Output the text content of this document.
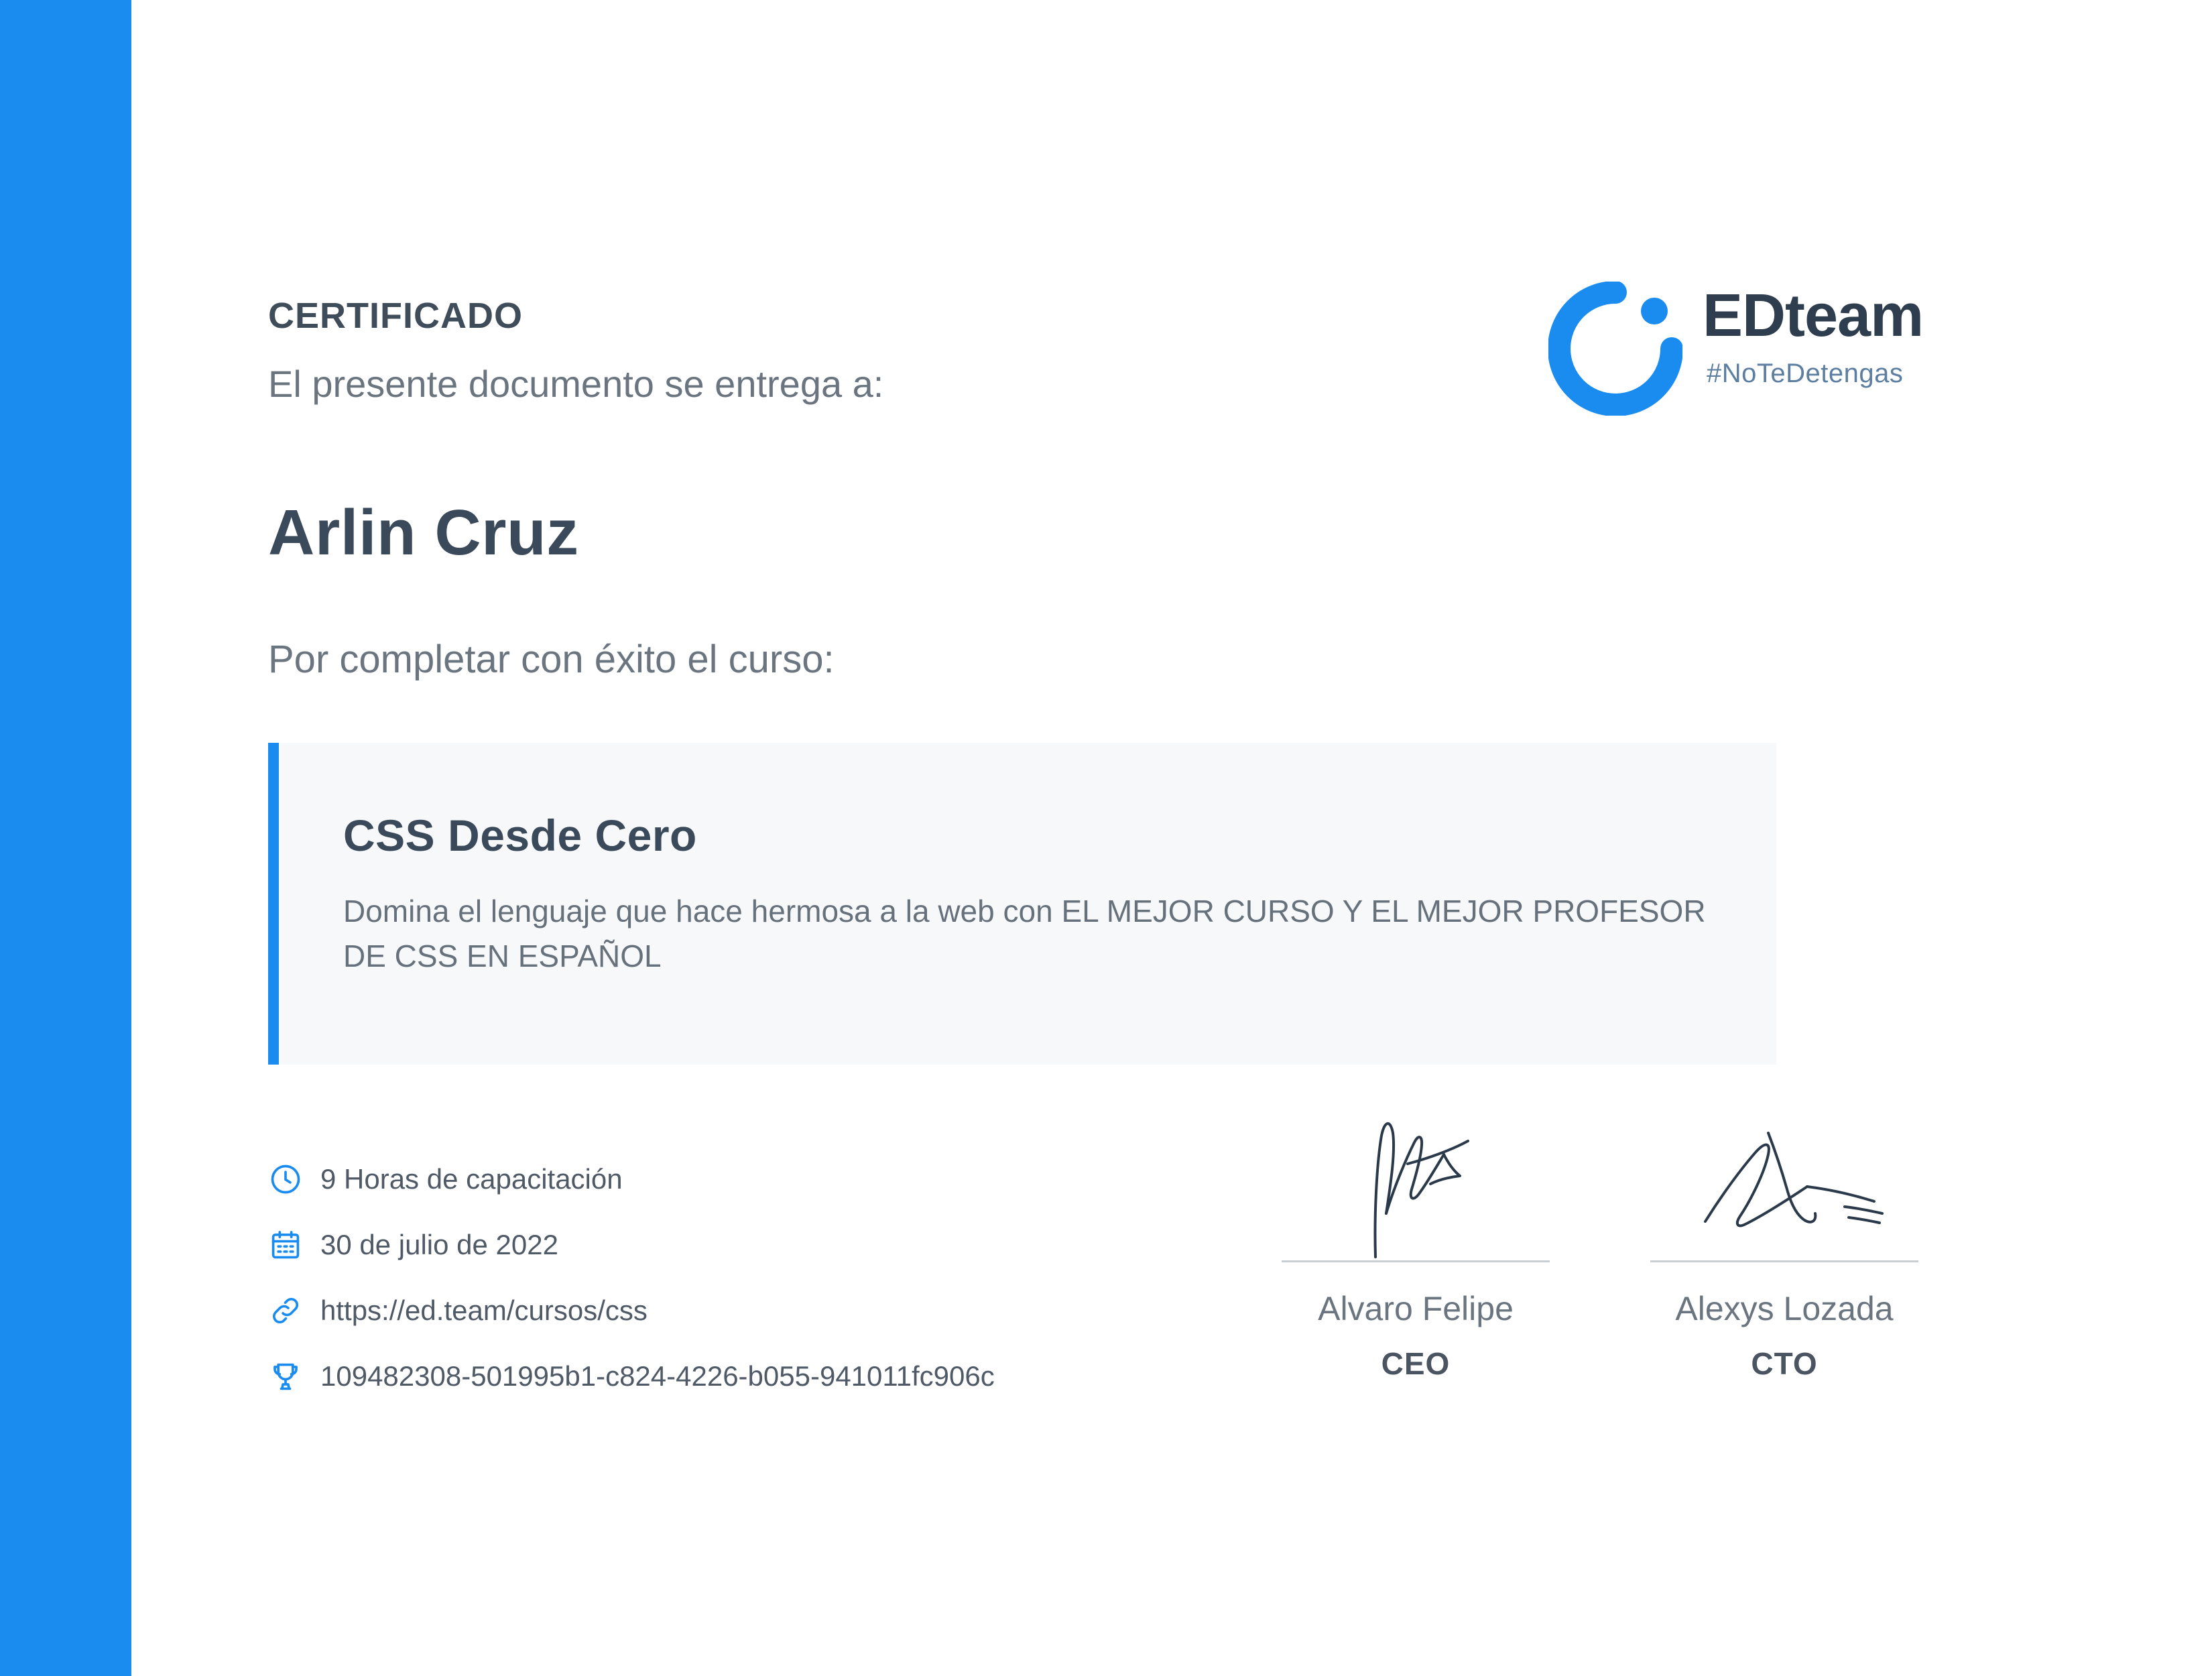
CERTIFICADO
El presente documento se entrega a:
Arlin Cruz
Por completar con éxito el curso:
EDteam
#NoTeDetengas
CSS Desde Cero
Domina el lenguaje que hace hermosa a la web con EL MEJOR CURSO Y EL MEJOR PROFESOR DE CSS EN ESPAÑOL
9 Horas de capacitación
30 de julio de 2022
https://ed.team/cursos/css
109482308-501995b1-c824-4226-b055-941011fc906c
Alvaro Felipe
CEO
Alexys Lozada
CTO
